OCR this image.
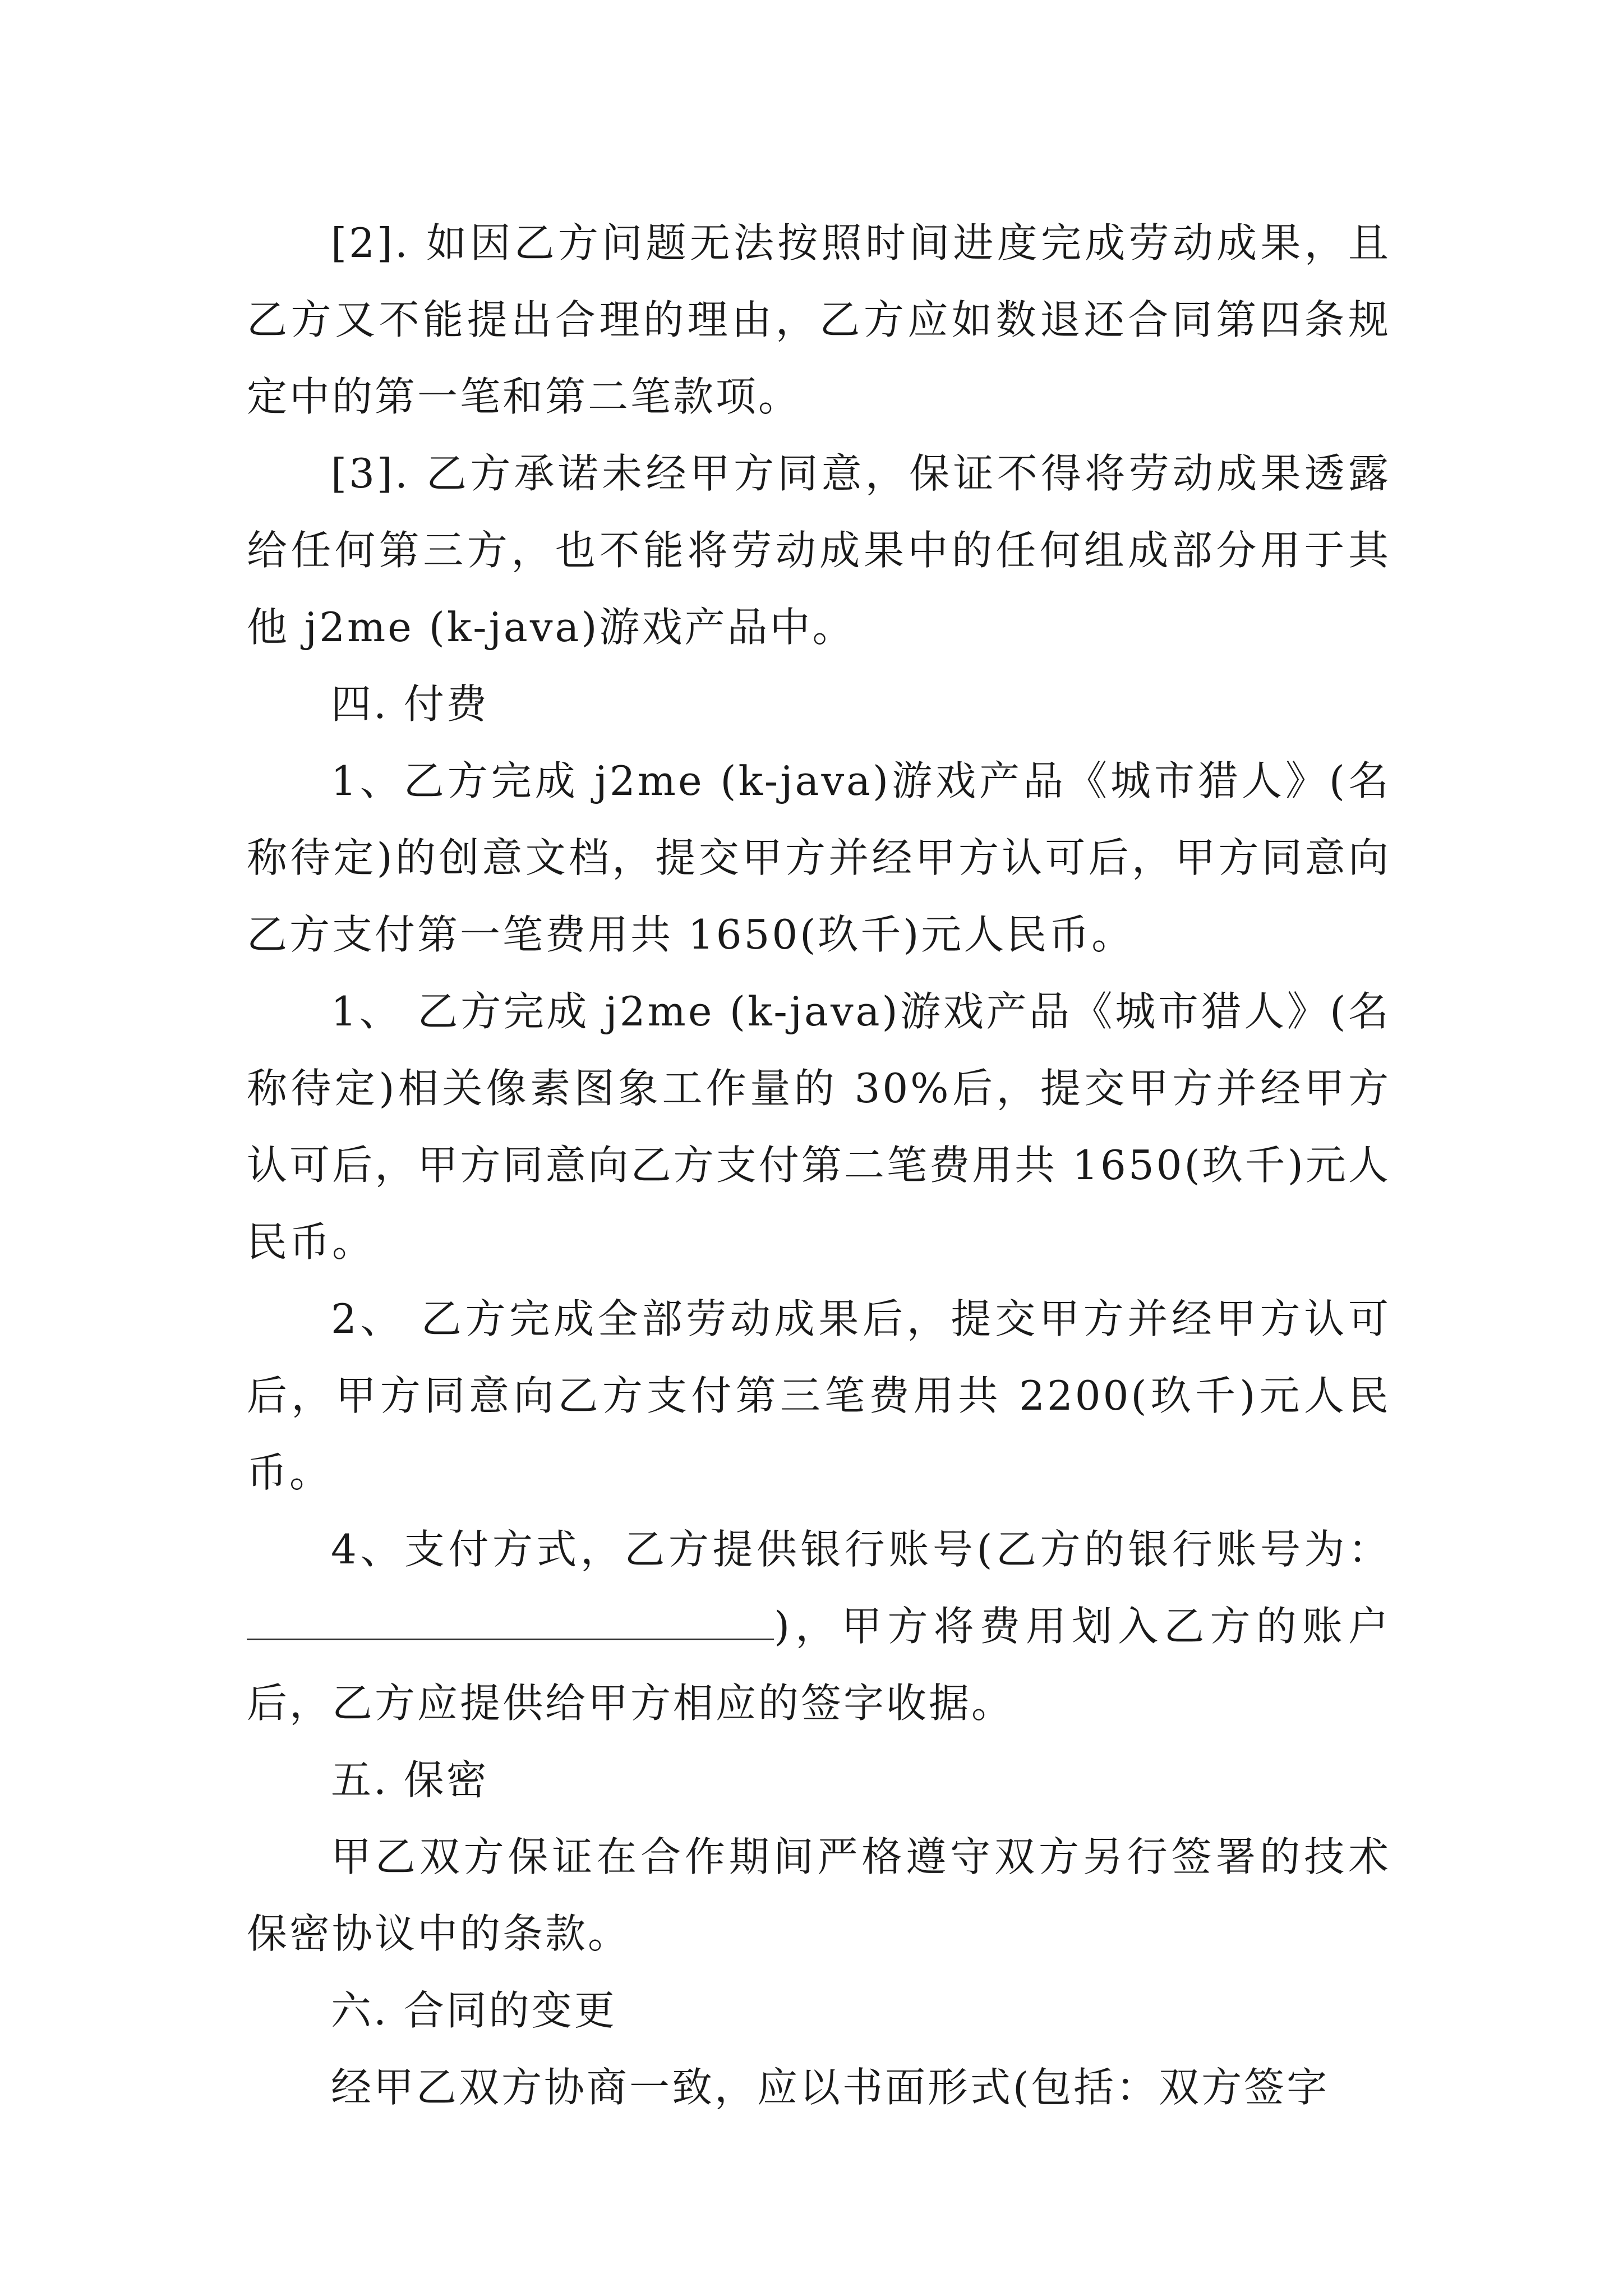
[2]. 如因乙方问题无法按照时间进度完成劳动成果，且乙方又不能提出合理的理由，乙方应如数退还合同第四条规定中的第一笔和第二笔款项。

[3]. 乙方承诺未经甲方同意，保证不得将劳动成果透露给任何第三方，也不能将劳动成果中的任何组成部分用于其他 j2me (k-java)游戏产品中。

四. 付费

1、乙方完成 j2me (k-java)游戏产品《城市猎人》(名称待定)的创意文档，提交甲方并经甲方认可后，甲方同意向乙方支付第一笔费用共 1650(玖千)元人民币。

1、 乙方完成 j2me (k-java)游戏产品《城市猎人》(名称待定)相关像素图象工作量的 30%后，提交甲方并经甲方认可后，甲方同意向乙方支付第二笔费用共 1650(玖千)元人民币。

2、 乙方完成全部劳动成果后，提交甲方并经甲方认可后，甲方同意向乙方支付第三笔费用共 2200(玖千)元人民币。

4、支付方式，乙方提供银行账号(乙方的银行账号为：)，甲方将费用划入乙方的账户后，乙方应提供给甲方相应的签字收据。

五. 保密

甲乙双方保证在合作期间严格遵守双方另行签署的技术保密协议中的条款。

六. 合同的变更

经甲乙双方协商一致，应以书面形式(包括：双方签字
